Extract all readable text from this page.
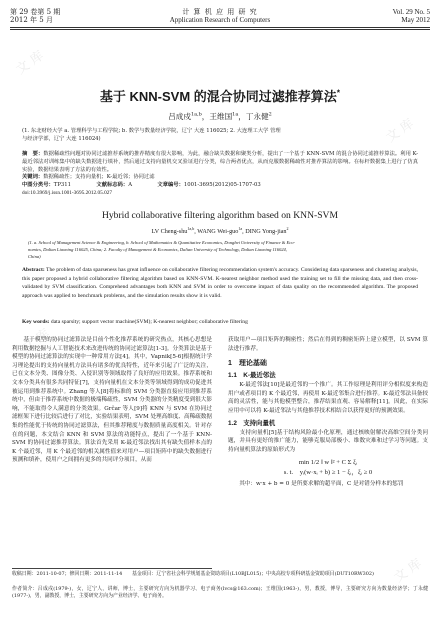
文 库
文 库
文 库
文 库
第 29 卷第 5 期
2012 年 5 月
计 算 机 应 用 研 究
Application Research of Computers
Vol. 29 No. 5
May 2012
基于 KNN-SVM 的混合协同过滤推荐算法*
吕成戍$^{1a,b}$，王维国$^{1a}$，丁永健$^2$
(1. 东北财经大学 a. 管理科学与工程学院; b. 数学与数量经济学院，辽宁 大连 116025; 2. 大连理工大学 管理
与经济学部，辽宁 大连 116024)
摘　要：数据稀疏性问题对协同过滤推荐系统的推荐精度有很大影响，为此，融合缺失数据和聚类分析，提出了一个基于 KNN-SVM 的混合协同过滤推荐算法。利用 K-最近邻法对训练集中的缺失数据进行填补，然后通过支持向量机交叉验证进行分类，综合两者优点，从而克服数据稀疏性对推荐算法的影响。在标杆数据集上进行了仿真实验，数据结果表明了方法的有效性。
关键词：数据稀疏性；支持向量机；K-最近邻；协同过滤
中图分类号：TP311	文献标志码：A	文章编号：1001-3695(2012)05-1707-03
doi:10.3969/j.issn.1001-3695.2012.05.027
Hybrid collaborative filtering algorithm based on KNN-SVM
LV Cheng-shu$^{1a,b}$, WANG Wei-guo$^{1a}$, DING Yong-jian$^2$
(1. a. School of Management Science & Engineering, b. School of Mathematics & Quantitative Economics, Dongbei University of Finance & Eco-
nomics, Dalian Liaoning 116025, China; 2. Faculty of Management & Economics, Dalian University of Technology, Dalian Liaoning 116024,
China)
Abstract: The problem of data sparseness has great influence on collaborative filtering recommendation system's accuracy. Considering data sparseness and clustering analysis, this paper proposed a hybrid collaborative filtering algorithm based on KNN-SVM. K-nearest neighbor method used the training set to fill the missing data, and then cross-validated by SVM classification. Comprehend advantages both KNN and SVM in order to overcome impact of data quality on the recommended algorithm. The proposed approach was applied to benchmark problems, and the simulation results show it is valid.
Key words: data sparsity; support vector machine(SVM); K-nearest neighbor; collaborative filtering
　　基于模型的协同过滤算法是目前个性化推荐系统的研究热点，其核心思想是利用数据挖掘与人工智能技术来改进传统的协同过滤算法[1-3]。分类算法是基于模型的协同过滤算法的实现中一种常用方法[4]。其中，Vapnik[5-6]根据统计学习理论提出的支持向量机方法具有诸多的优良特性，近年来引起了广泛的关注，已在文本分类、图像分类、入侵识别等领域取得了良好的应用效果。推荐系统和文本分类具有很多共同特征[7]，支持向量机在文本分类等领域得到的成功促进其被运用到推荐系统中。Zhang 等人[8]将标准的 SVM 分类器直接应用到推荐系统中，但由于推荐系统中数据的极端稀疏性，SVM 分类器的分类精度受到很大影响，不能取得令人满意的分类效果。Grčar 等人[9]将 KNN 与 SVM 在协同过滤框架下进行比较后进行了对比，实验结果表明，SVM 处理高维度、高稀疏数据集的性能优于传统的协同过滤算法，但其推荐精度与数据质量高度相关。针对存在的问题，本文结合 KNN 和 SVM 算法的功能特点，提出了一个基于 KNN-SVM 的协同过滤推荐算法。算法首先采用 K-最近邻法找出其有缺失值样本点的 K 个最近邻，用 K 个最近邻的相关属性值来对用户—项目矩阵中的缺失数据进行预测和填补，使用户之间拥有更多的共同评分项目，从而
获取用户—项目矩阵的稠密性；然后在得到的稠密矩阵上建立模型，以 SVM 算法进行推荐。
1　理论基础
1.1　K-最近邻法
　　K-最近邻法[10]是最近邻的一个推广。其工作原理是利用评分相似度来构造用户或者项目的 K 个最近邻，再使用 K-最近邻集合进行推荐。K-最近邻法具备较高的灵活性，能与其他模型整合，推荐结果直观、容易解释[11]。因此，在实际应用中可以将 K-最近邻法与其他推荐技术相结合以获得更好的预测效果。
1.2　支持向量机
　　支持向量机[5]基于结构风险最小化原理，通过核映射解决高维空间分类问题，并具有更好的推广能力，能够克服局部极小、维数灾难和过学习等问题。支持向量机算法的原始形式为
min 1/2 ‖ w ‖² + C Σ ξᵢ
s. t.　yᵢ(w·xᵢ + b) ≥ 1 − ξᵢ，ξᵢ ≥ 0
　　其中：w·x + b = 0 是所要求解的超平面，C 是对错分样本的惩罚
收稿日期：2011-10-07；修回日期：2011-11-14　　基金项目：辽宁省社会科学规划基金资助项目(L10BJL015)；中央高校专项科研基金资助项目(DUT10RW302)
作者简介：吕成戍(1979-)，女，辽宁人，讲师，博士，主要研究方向为机器学习、电子商务(lvcs@163.com)；王维国(1963-)，男，教授，博导，主要研究方向为数量经济学；丁永健(1977-)，男，副教授，博士，主要研究方向为产业经济学、电子商务。
